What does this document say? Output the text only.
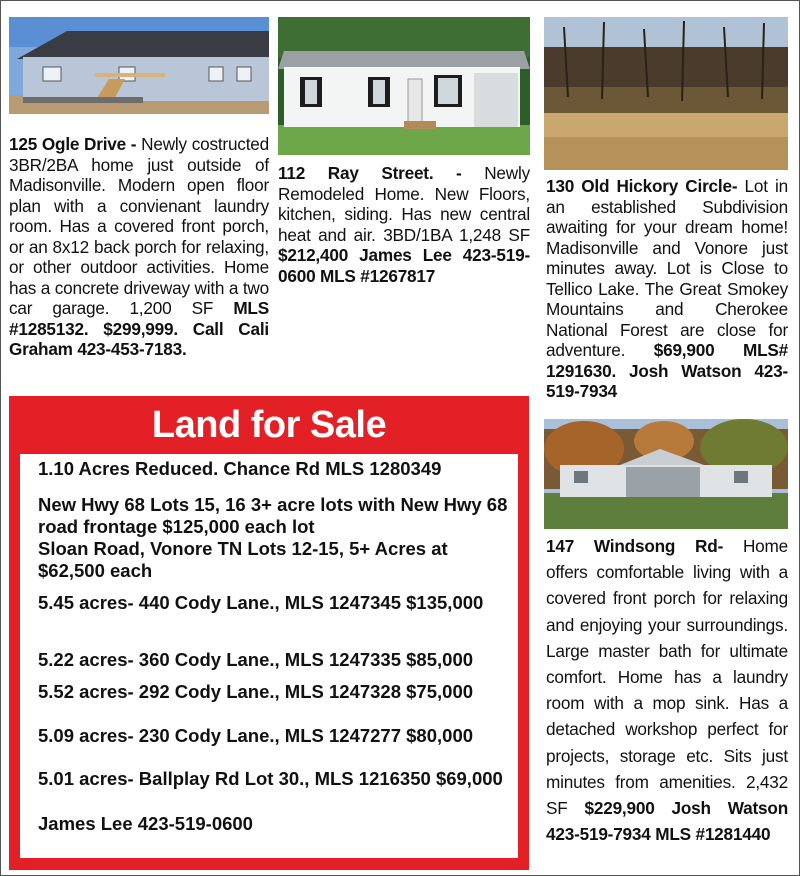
125 Ogle Drive - Newly costructed 3BR/2BA home just outside of Madisonville. Modern open floor plan with a convienant laundry room. Has a covered front porch, or an 8x12 back porch for relaxing, or other outdoor activities. Home has a concrete driveway with a two car garage. 1,200 SF MLS #1285132. $299,999. Call Cali Graham 423-453-7183.
112 Ray Street. - Newly Remodeled Home. New Floors, kitchen, siding. Has new central heat and air. 3BD/1BA 1,248 SF $212,400 James Lee 423-519-0600 MLS #1267817
130 Old Hickory Circle- Lot in an established Subdivision awaiting for your dream home! Madisonville and Vonore just minutes away. Lot is Close to Tellico Lake. The Great Smokey Mountains and Cherokee National Forest are close for adventure. $69,900 MLS# 1291630. Josh Watson 423-519-7934
147 Windsong Rd- Home offers comfortable living with a covered front porch for relaxing and enjoying your surroundings. Large master bath for ultimate comfort. Home has a laundry room with a mop sink. Has a detached workshop perfect for projects, storage etc. Sits just minutes from amenities. 2,432 SF $229,900 Josh Watson 423-519-7934 MLS #1281440
Land for Sale
1.10 Acres Reduced. Chance Rd MLS 1280349
New Hwy 68 Lots 15, 16 3+ acre lots with New Hwy 68 road frontage $125,000 each lot
Sloan Road, Vonore TN Lots 12-15, 5+ Acres at $62,500 each
5.45 acres- 440 Cody Lane., MLS 1247345 $135,000
5.22 acres- 360 Cody Lane., MLS 1247335 $85,000
5.52 acres- 292 Cody Lane., MLS 1247328 $75,000
5.09 acres- 230 Cody Lane., MLS 1247277 $80,000
5.01 acres- Ballplay Rd Lot 30., MLS 1216350 $69,000
James Lee 423-519-0600
